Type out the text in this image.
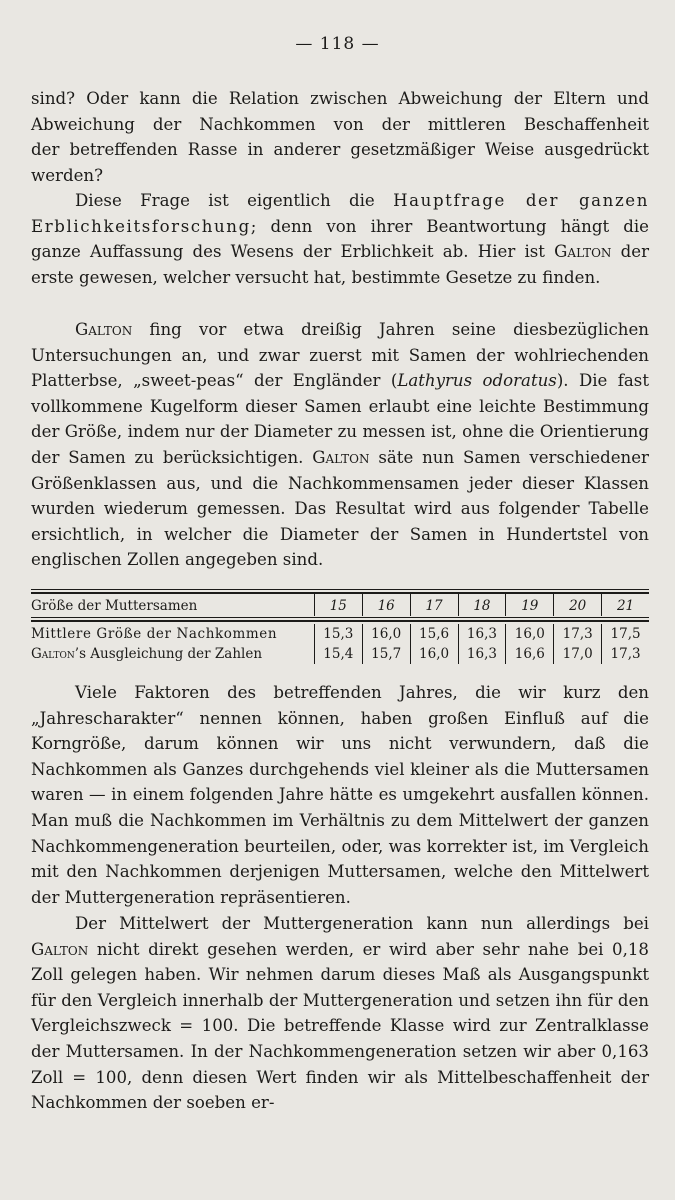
— 118 —

sind? Oder kann die Relation zwischen Abweichung der Eltern und

Abweichung der Nachkommen von der mittleren Beschaffenheit

der betreffenden Rasse in anderer gesetzmäßiger Weise ausgedrückt

werden?

Diese Frage ist eigentlich die Hauptfrage der ganzen Erblichkeitsforschung; denn von ihrer Beantwortung hängt die ganze Auffassung des Wesens der Erblichkeit ab. Hier ist Galton der erste gewesen, welcher versucht hat, bestimmte Gesetze zu finden.

Galton fing vor etwa dreißig Jahren seine diesbezüglichen Untersuchungen an, und zwar zuerst mit Samen der wohlriechenden Platterbse, „sweet-peas“ der Engländer (Lathyrus odoratus). Die fast vollkommene Kugelform dieser Samen erlaubt eine leichte Bestimmung der Größe, indem nur der Diameter zu messen ist, ohne die Orientierung der Samen zu berücksichtigen. Galton säte nun Samen verschiedener Größenklassen aus, und die Nachkommensamen jeder dieser Klassen wurden wiederum gemessen. Das Resultat wird aus folgender Tabelle ersichtlich, in welcher die Diameter der Samen in Hundertstel von englischen Zollen angegeben sind.

Größe der Muttersamen	15	16	17	18	19	20	21
Mittlere Größe der Nachkommen	15,3	16,0	15,6	16,3	16,0	17,3	17,5
Galton’s Ausgleichung der Zahlen	15,4	15,7	16,0	16,3	16,6	17,0	17,3

Viele Faktoren des betreffenden Jahres, die wir kurz den „Jahrescharakter“ nennen können, haben großen Einfluß auf die Korngröße, darum können wir uns nicht verwundern, daß die Nachkommen als Ganzes durchgehends viel kleiner als die Muttersamen waren — in einem folgenden Jahre hätte es umgekehrt ausfallen können. Man muß die Nachkommen im Verhältnis zu dem Mittelwert der ganzen Nachkommengeneration beurteilen, oder, was korrekter ist, im Vergleich mit den Nachkommen derjenigen Muttersamen, welche den Mittelwert der Muttergeneration repräsentieren.

Der Mittelwert der Muttergeneration kann nun allerdings bei Galton nicht direkt gesehen werden, er wird aber sehr nahe bei 0,18 Zoll gelegen haben. Wir nehmen darum dieses Maß als Ausgangspunkt für den Vergleich innerhalb der Muttergeneration und setzen ihn für den Vergleichszweck = 100. Die betreffende Klasse wird zur Zentralklasse der Muttersamen. In der Nachkommengeneration setzen wir aber 0,163 Zoll = 100, denn diesen Wert finden wir als Mittelbeschaffenheit der Nachkommen der soeben er-
